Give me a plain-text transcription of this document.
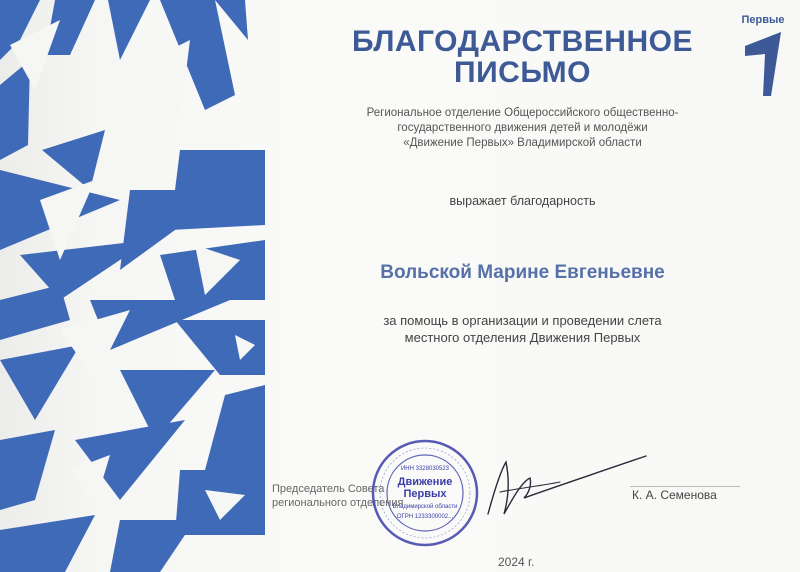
БЛАГОДАРСТВЕННОЕ
ПИСЬМО
Первые
Региональное отделение Общероссийского общественно-
государственного движения детей и молодёжи
«Движение Первых» Владимирской области
выражает благодарность
Вольской Марине Евгеньевне
за помощь в организации и проведении слета
местного отделения Движения Первых
Председатель Совета
регионального отделения
К. А. Семенова
Движение
Первых
Владимирской области
ИНН 3328030523
ОГРН 1233300002...
2024 г.
